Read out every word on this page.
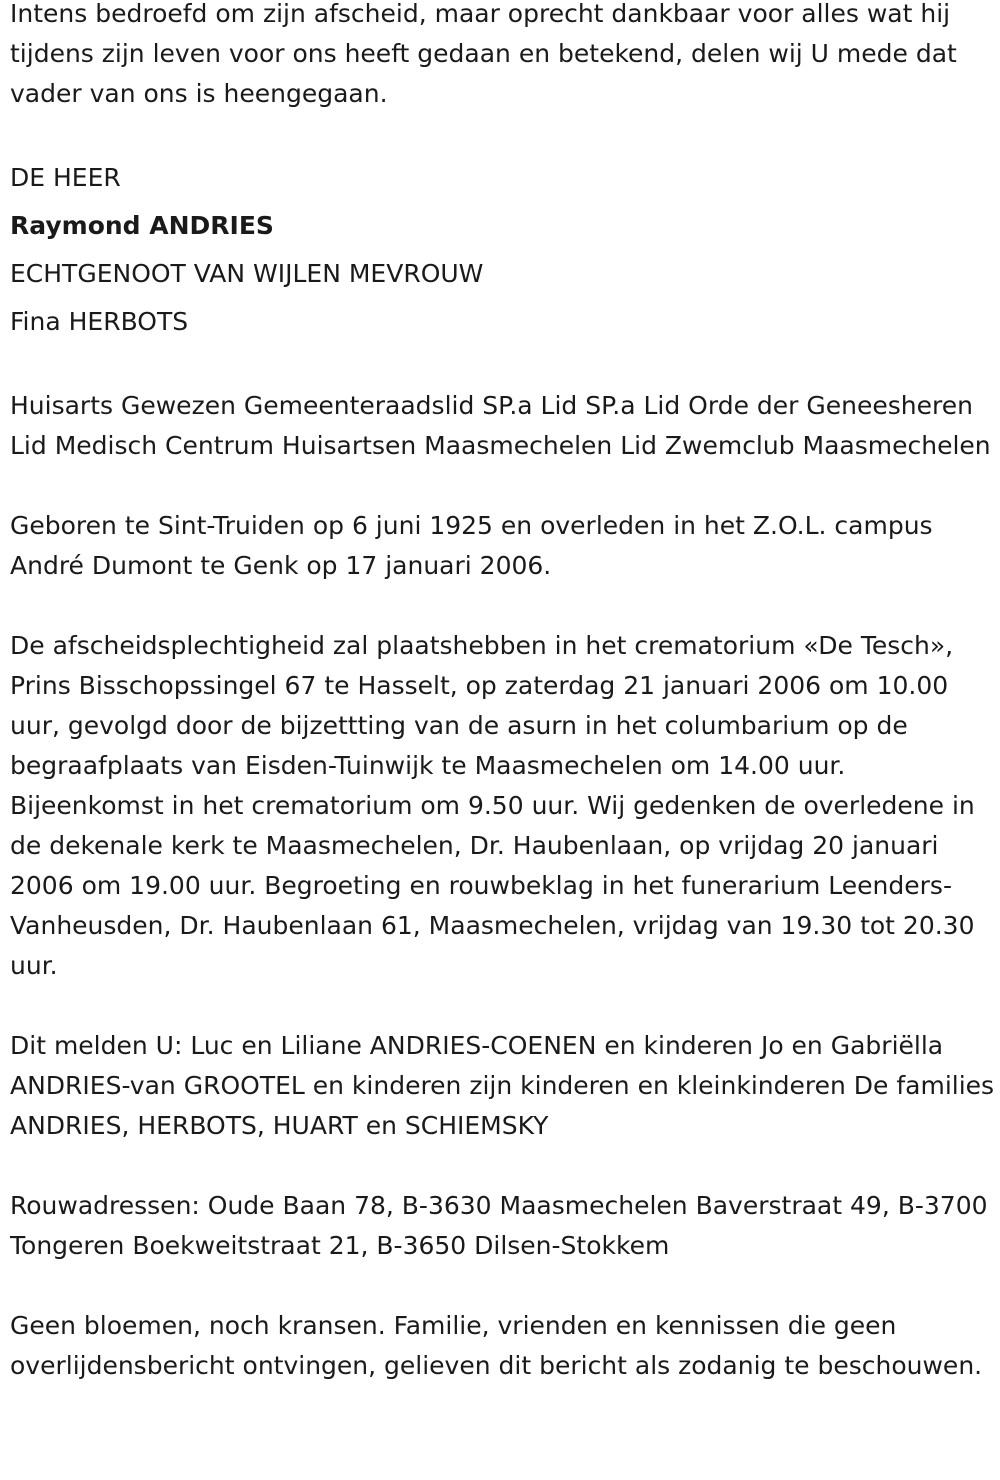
Intens bedroefd om zijn afscheid, maar oprecht dankbaar voor alles wat hij tijdens zijn leven voor ons heeft gedaan en betekend, delen wij U mede dat vader van ons is heengegaan.

DE HEER

Raymond ANDRIES

ECHTGENOOT VAN WIJLEN MEVROUW

Fina HERBOTS

Huisarts Gewezen Gemeenteraadslid SP.a Lid SP.a Lid Orde der Geneesheren Lid Medisch Centrum Huisartsen Maasmechelen Lid Zwemclub Maasmechelen

Geboren te Sint-Truiden op 6 juni 1925 en overleden in het Z.O.L. campus André Dumont te Genk op 17 januari 2006.

De afscheidsplechtigheid zal plaatshebben in het crematorium «De Tesch», Prins Bisschopssingel 67 te Hasselt, op zaterdag 21 januari 2006 om 10.00 uur, gevolgd door de bijzettting van de asurn in het columbarium op de begraafplaats van Eisden-Tuinwijk te Maasmechelen om 14.00 uur. Bijeenkomst in het crematorium om 9.50 uur. Wij gedenken de overledene in de dekenale kerk te Maasmechelen, Dr. Haubenlaan, op vrijdag 20 januari 2006 om 19.00 uur. Begroeting en rouwbeklag in het funerarium Leenders-Vanheusden, Dr. Haubenlaan 61, Maasmechelen, vrijdag van 19.30 tot 20.30 uur.

Dit melden U: Luc en Liliane ANDRIES-COENEN en kinderen Jo en Gabriëlla ANDRIES-van GROOTEL en kinderen zijn kinderen en kleinkinderen De families ANDRIES, HERBOTS, HUART en SCHIEMSKY

Rouwadressen: Oude Baan 78, B-3630 Maasmechelen Baverstraat 49, B-3700 Tongeren Boekweitstraat 21, B-3650 Dilsen-Stokkem

Geen bloemen, noch kransen. Familie, vrienden en kennissen die geen overlijdensbericht ontvingen, gelieven dit bericht als zodanig te beschouwen.
